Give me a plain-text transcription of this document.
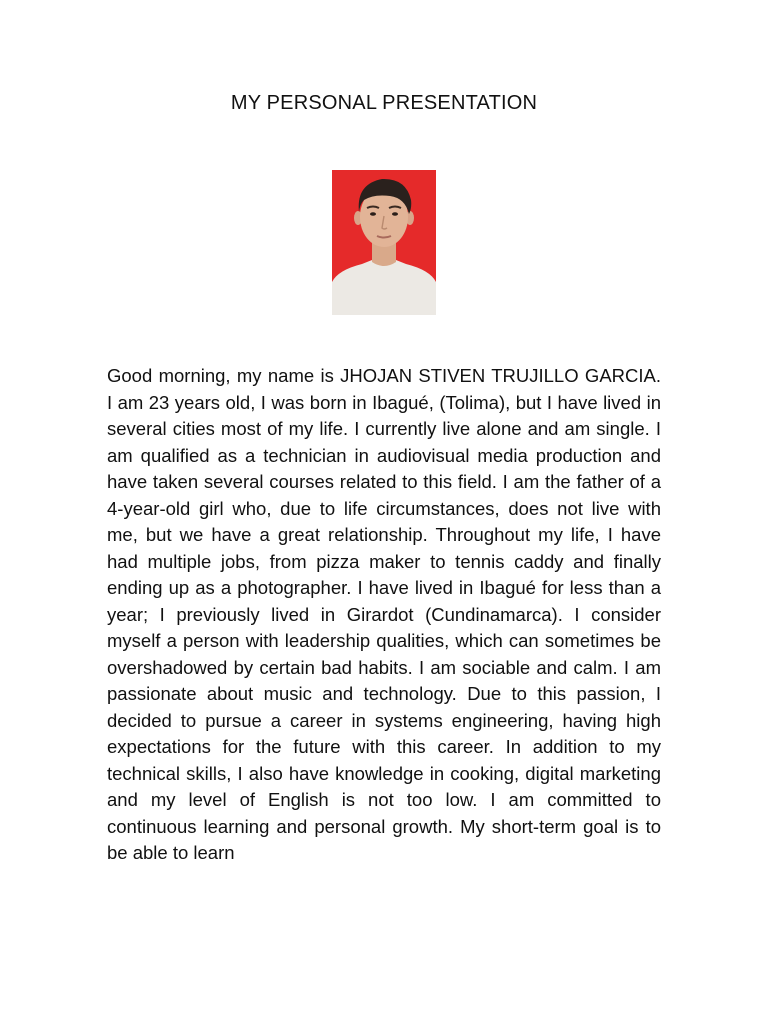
MY PERSONAL PRESENTATION
Good morning, my name is JHOJAN STIVEN TRUJILLO GARCIA. I am 23 years old, I was born in Ibagué, (Tolima), but I have lived in several cities most of my life. I currently live alone and am single. I am qualified as a technician in audiovisual media production and have taken several courses related to this field. I am the father of a 4-year-old girl who, due to life circumstances, does not live with me, but we have a great relationship. Throughout my life, I have had multiple jobs, from pizza maker to tennis caddy and finally ending up as a photographer. I have lived in Ibagué for less than a year; I previously lived in Girardot (Cundinamarca). I consider myself a person with leadership qualities, which can sometimes be overshadowed by certain bad habits. I am sociable and calm. I am passionate about music and technology. Due to this passion, I decided to pursue a career in systems engineering, having high expectations for the future with this career. In addition to my technical skills, I also have knowledge in cooking, digital marketing and my level of English is not too low. I am committed to continuous learning and personal growth. My short-term goal is to be able to learn
